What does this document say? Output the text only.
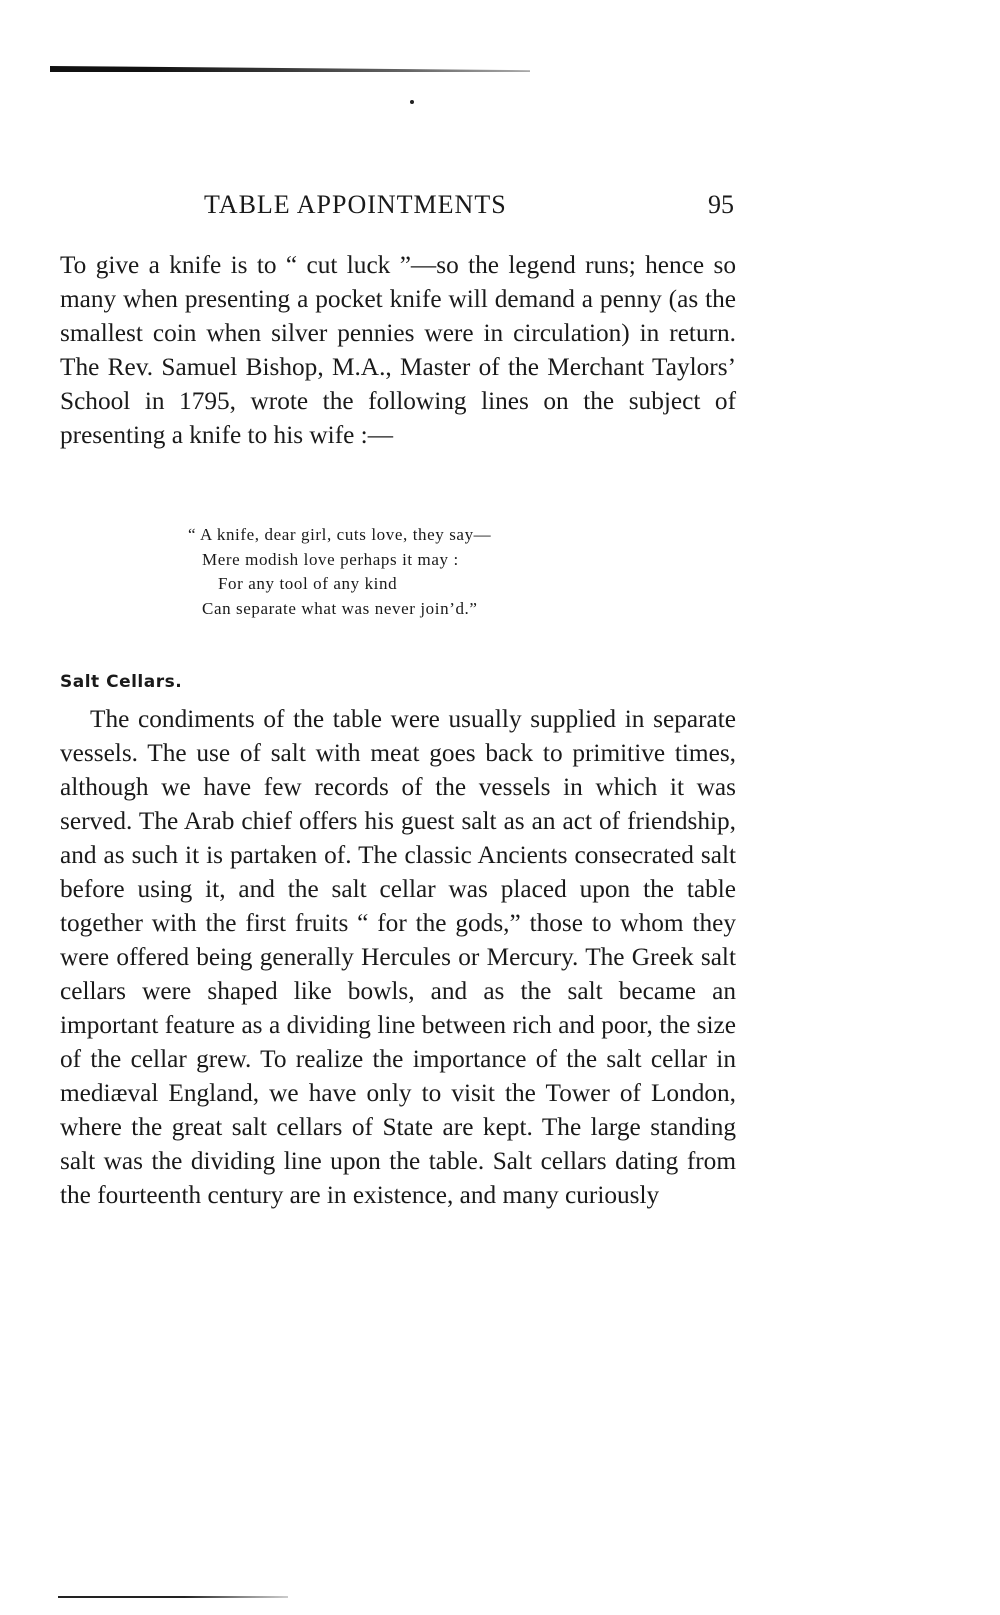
TABLE APPOINTMENTS	95

To give a knife is to “ cut luck ”—so the legend runs; hence so many when presenting a pocket knife will demand a penny (as the smallest coin when silver pennies were in circulation) in return. The Rev. Samuel Bishop, M.A., Master of the Merchant Taylors’ School in 1795, wrote the following lines on the subject of presenting a knife to his wife :—

“ A knife, dear girl, cuts love, they say—
Mere modish love perhaps it may :
For any tool of any kind
Can separate what was never join’d.”
Salt Cellars.

The condiments of the table were usually supplied in separate vessels. The use of salt with meat goes back to primitive times, although we have few records of the vessels in which it was served. The Arab chief offers his guest salt as an act of friendship, and as such it is partaken of. The classic Ancients consecrated salt before using it, and the salt cellar was placed upon the table together with the first fruits “ for the gods,” those to whom they were offered being generally Hercules or Mercury. The Greek salt cellars were shaped like bowls, and as the salt became an important feature as a dividing line between rich and poor, the size of the cellar grew. To realize the importance of the salt cellar in mediæval England, we have only to visit the Tower of London, where the great salt cellars of State are kept. The large standing salt was the dividing line upon the table. Salt cellars dating from the fourteenth century are in existence, and many curiously
